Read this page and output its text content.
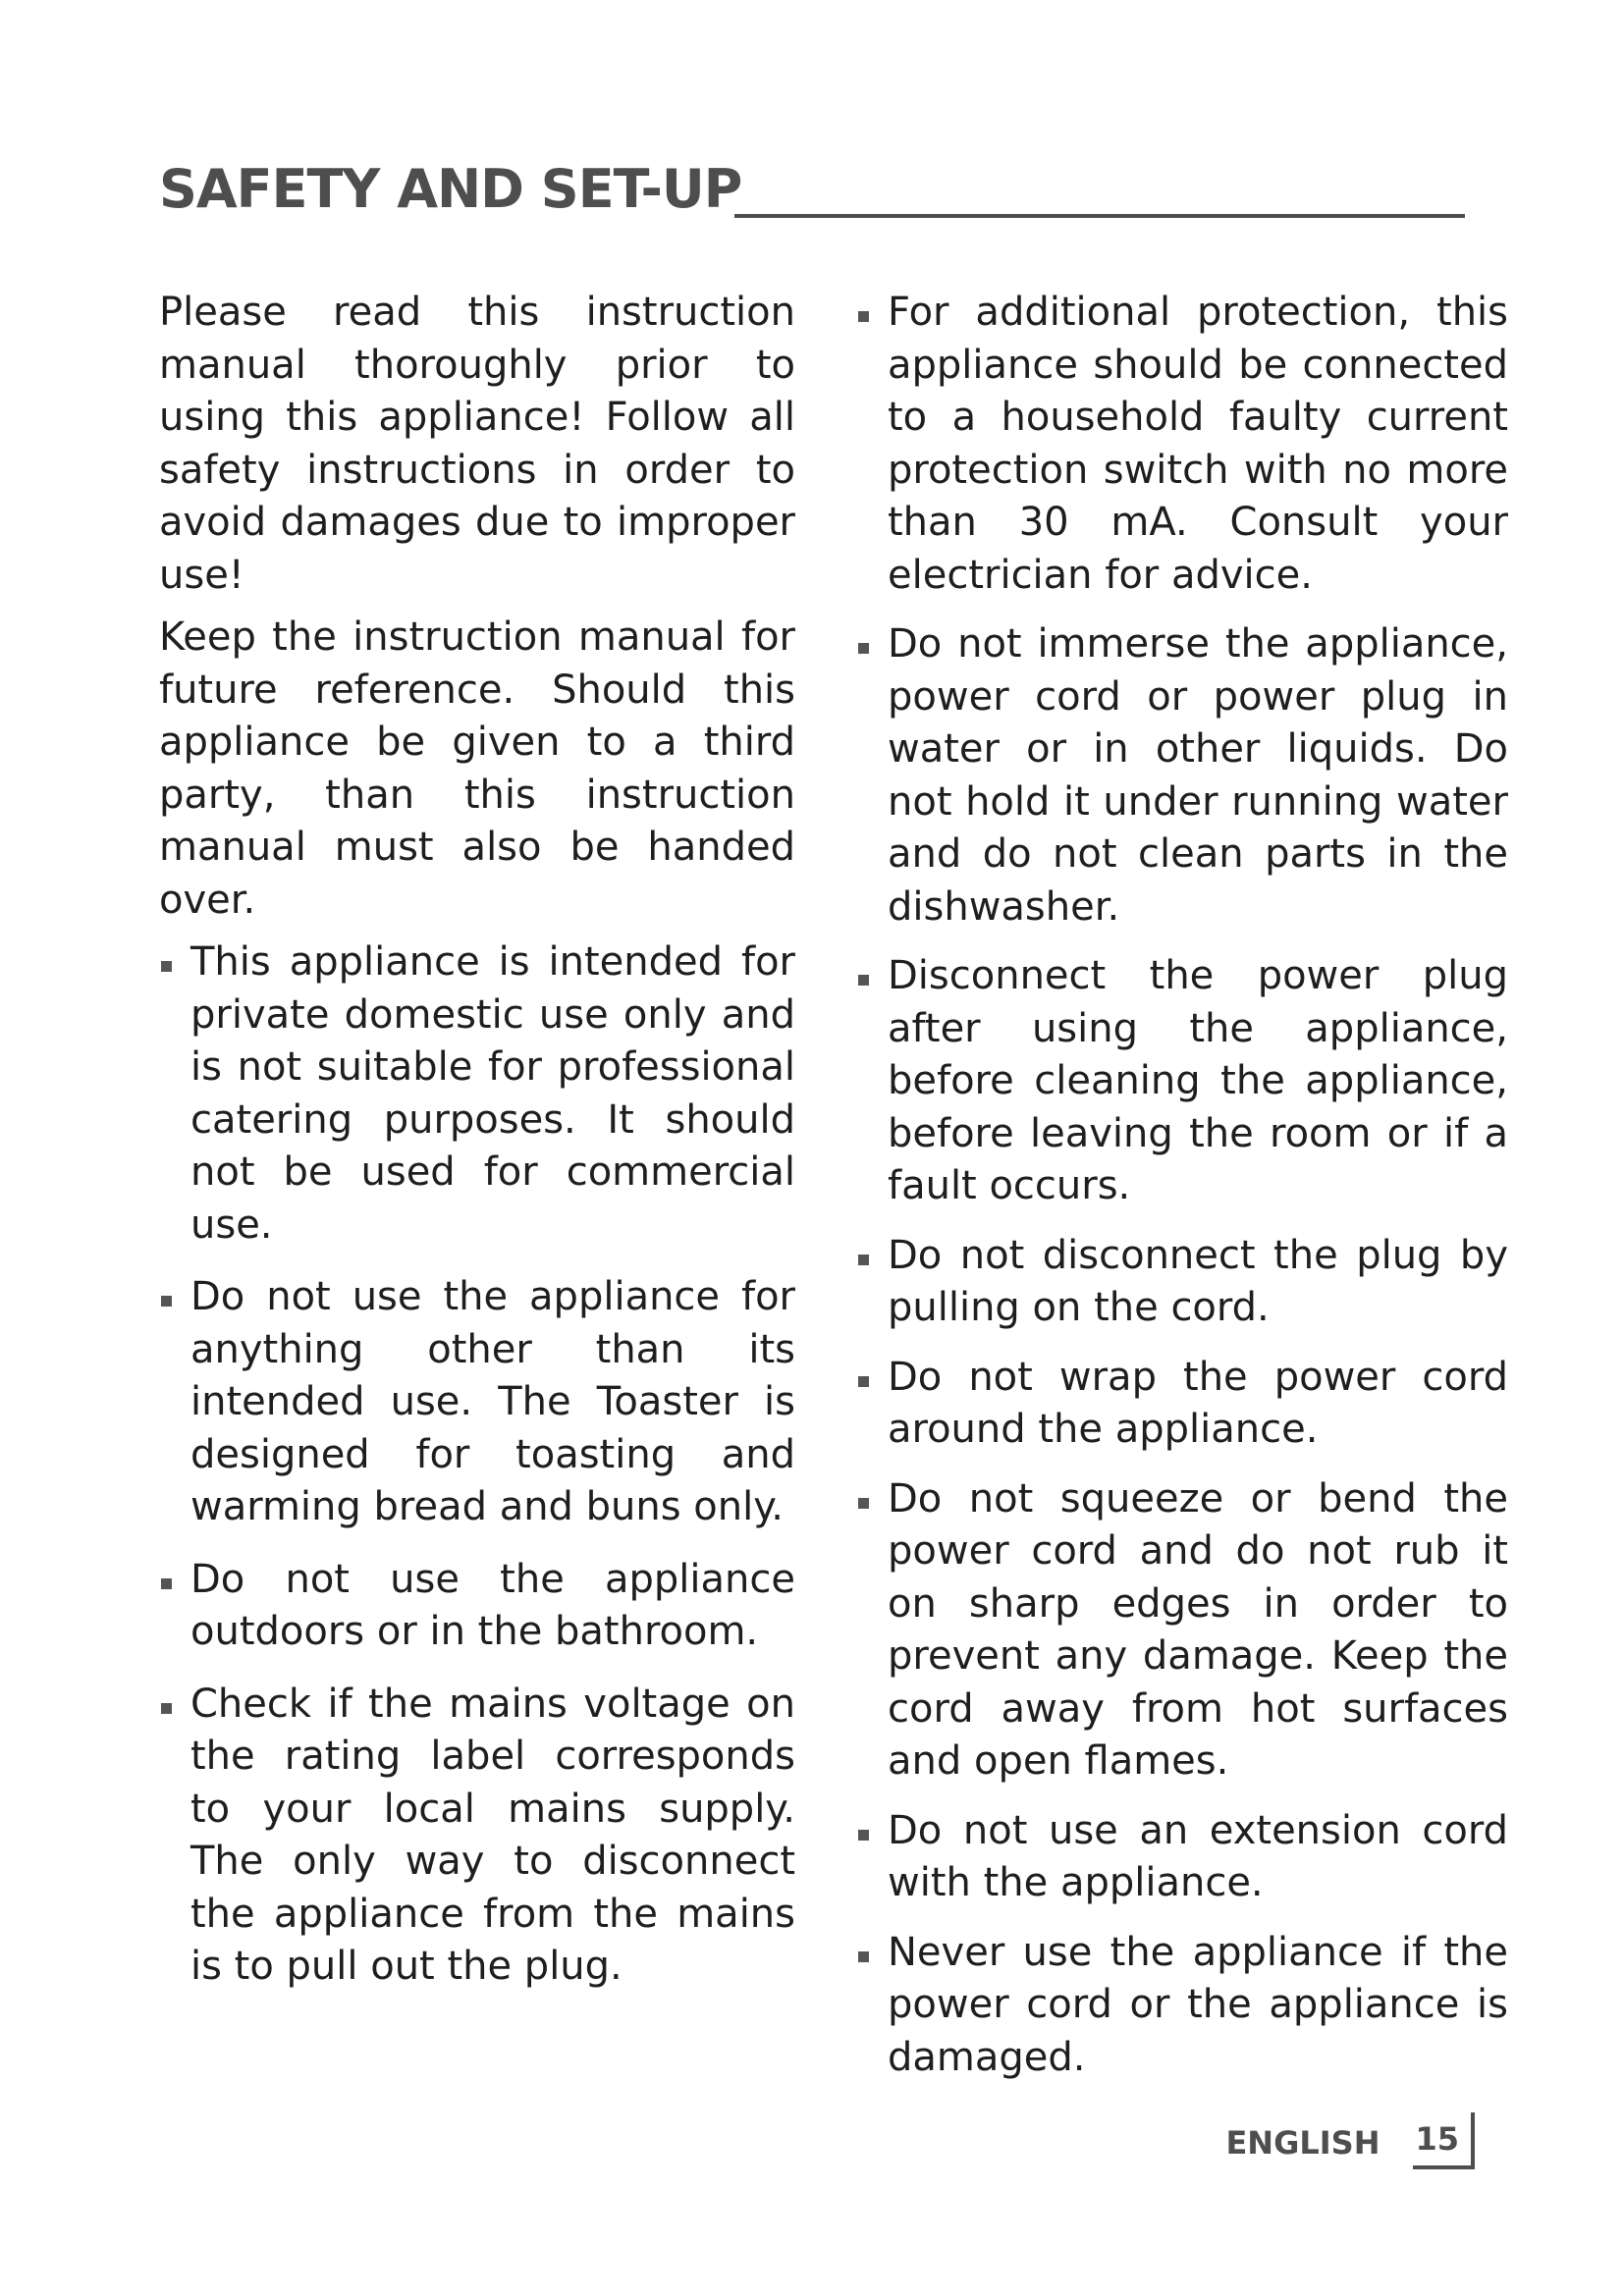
SAFETY AND SET-UP

Please read this instruction manual thoroughly prior to using this appliance! Follow all safety instructions in order to avoid damages due to improper use!

Keep the instruction manual for future reference. Should this appliance be given to a third party, than this instruction manual must also be handed over.

This appliance is intended for private domestic use only and is not suitable for professional catering purposes. It should not be used for commercial use.
Do not use the appliance for anything other than its intended use. The Toaster is designed for toasting and warming bread and buns only.
Do not use the appliance outdoors or in the bathroom.
Check if the mains voltage on the rating label corresponds to your local mains supply. The only way to disconnect the appliance from the mains is to pull out the plug.
For additional protection, this appliance should be connected to a household faulty current protection switch with no more than 30 mA. Consult your electrician for advice.
Do not immerse the appliance, power cord or power plug in water or in other liquids. Do not hold it under running water and do not clean parts in the dishwasher.
Disconnect the power plug after using the appliance, before cleaning the appliance, before leaving the room or if a fault occurs.
Do not disconnect the plug by pulling on the cord.
Do not wrap the power cord around the appliance.
Do not squeeze or bend the power cord and do not rub it on sharp edges in order to prevent any damage. Keep the cord away from hot surfaces and open flames.
Do not use an extension cord with the appliance.
Never use the appliance if the power cord or the appliance is damaged.
ENGLISH 15
